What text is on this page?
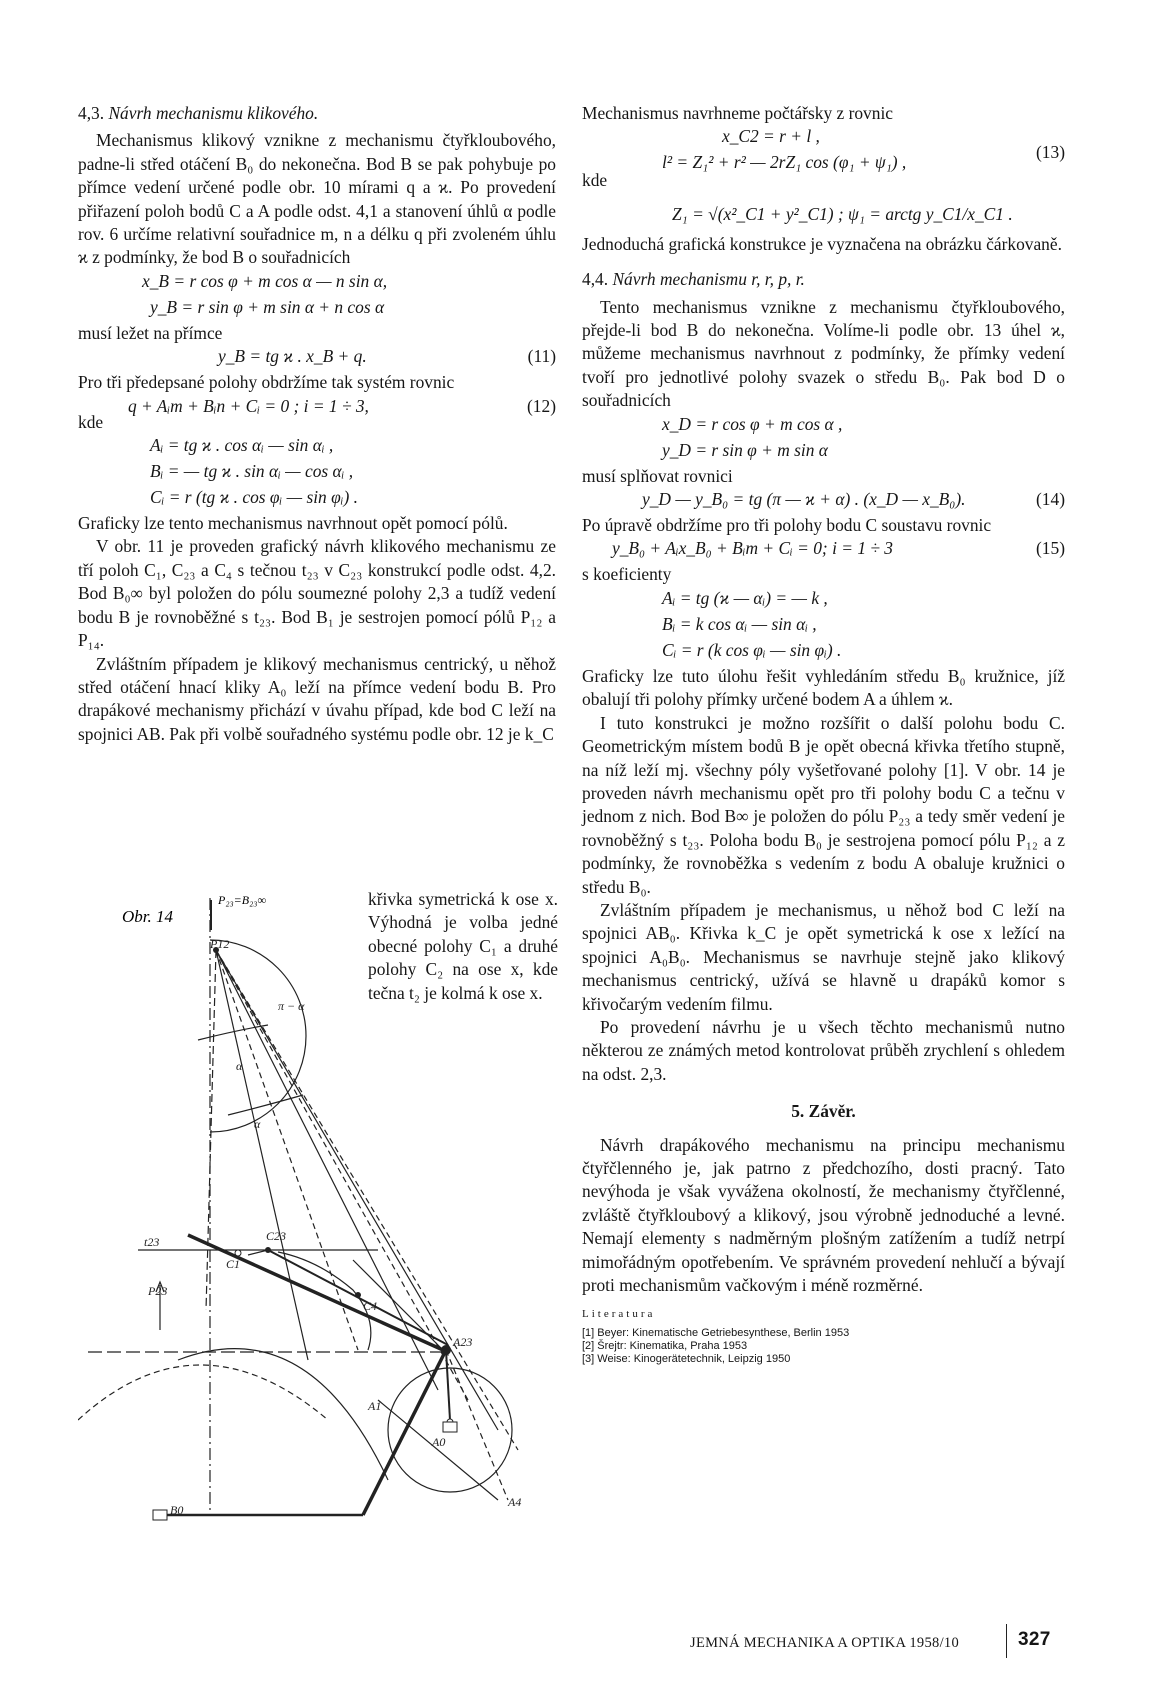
4,3. Návrh mechanismu klikového.
Mechanismus klikový vznikne z mechanismu čtyřkloubového, padne-li střed otáčení B₀ do nekonečna. Bod B se pak pohybuje po přímce vedení určené podle obr. 10 mírami q a ϰ. Po provedení přiřazení poloh bodů C a A podle odst. 4,1 a stanovení úhlů α podle rov. 6 určíme relativní souřadnice m, n a délku q při zvoleném úhlu ϰ z podmínky, že bod B o souřadnicích
x_B = r cos φ + m cos α — n sin α,
y_B = r sin φ + m sin α + n cos α
musí ležet na přímce
y_B = tg ϰ . x_B + q.	(11)
Pro tři předepsané polohy obdržíme tak systém rovnic
q + Aᵢm + Bᵢn + Cᵢ = 0 ; i = 1 ÷ 3,	(12)
kde
Aᵢ = tg ϰ . cos αᵢ — sin αᵢ ,
Bᵢ = — tg ϰ . sin αᵢ — cos αᵢ ,
Cᵢ = r (tg ϰ . cos φᵢ — sin φᵢ) .
Graficky lze tento mechanismus navrhnout opět pomocí pólů.
V obr. 11 je proveden grafický návrh klikového mechanismu ze tří poloh C₁, C₂₃ a C₄ s tečnou t₂₃ v C₂₃ konstrukcí podle odst. 4,2. Bod B₀∞ byl položen do pólu soumezné polohy 2,3 a tudíž vedení bodu B je rovnoběžné s t₂₃. Bod B₁ je sestrojen pomocí pólů P₁₂ a P₁₄.
Zvláštním případem je klikový mechanismus centrický, u něhož střed otáčení hnací kliky A₀ leží na přímce vedení bodu B. Pro drapákové mechanismy přichází v úvahu případ, kde bod C leží na spojnici AB. Pak při volbě souřadného systému podle obr. 12 je k_C
křivka symetrická k ose x. Výhodná je volba jedné obecné polohy C₁ a druhé polohy C₂ na ose x, kde tečna t₂ je kolmá k ose x.
Obr. 14
P₂₃=B₂₃∞
P12
π − α
α
α
t23	C23
C1
C4
P23
A23
A1
A0
B0
A4
Mechanismus navrhneme počtářsky z rovnic
x_C2 = r + l ,
l² = Z₁² + r² — 2rZ₁ cos (φ₁ + ψ₁) ,	(13)
kde
Z₁ = √(x²_C1 + y²_C1) ; ψ₁ = arctg y_C1/x_C1 .
Jednoduchá grafická konstrukce je vyznačena na obrázku čárkovaně.
4,4. Návrh mechanismu r, r, p, r.
Tento mechanismus vznikne z mechanismu čtyřkloubového, přejde-li bod B do nekonečna. Volíme-li podle obr. 13 úhel ϰ, můžeme mechanismus navrhnout z podmínky, že přímky vedení tvoří pro jednotlivé polohy svazek o středu B₀. Pak bod D o souřadnicích
x_D = r cos φ + m cos α ,
y_D = r sin φ + m sin α
musí splňovat rovnici
y_D — y_B₀ = tg (π — ϰ + α) . (x_D — x_B₀).	(14)
Po úpravě obdržíme pro tři polohy bodu C soustavu rovnic
y_B₀ + Aᵢx_B₀ + Bᵢm + Cᵢ = 0; i = 1 ÷ 3	(15)
s koeficienty
Aᵢ = tg (ϰ — αᵢ) = — k ,
Bᵢ = k cos αᵢ — sin αᵢ ,
Cᵢ = r (k cos φᵢ — sin φᵢ) .
Graficky lze tuto úlohu řešit vyhledáním středu B₀ kružnice, jíž obalují tři polohy přímky určené bodem A a úhlem ϰ.
I tuto konstrukci je možno rozšířit o další polohu bodu C. Geometrickým místem bodů B je opět obecná křivka třetího stupně, na níž leží mj. všechny póly vyšetřované polohy [1]. V obr. 14 je proveden návrh mechanismu opět pro tři polohy bodu C a tečnu v jednom z nich. Bod B∞ je položen do pólu P₂₃ a tedy směr vedení je rovnoběžný s t₂₃. Poloha bodu B₀ je sestrojena pomocí pólu P₁₂ a z podmínky, že rovnoběžka s vedením z bodu A obaluje kružnici o středu B₀.
Zvláštním případem je mechanismus, u něhož bod C leží na spojnici AB₀. Křivka k_C je opět symetrická k ose x ležící na spojnici A₀B₀. Mechanismus se navrhuje stejně jako klikový mechanismus centrický, užívá se hlavně u drapáků komor s křivočarým vedením filmu.
Po provedení návrhu je u všech těchto mechanismů nutno některou ze známých metod kontrolovat průběh zrychlení s ohledem na odst. 2,3.
5. Závěr.
Návrh drapákového mechanismu na principu mechanismu čtyřčlenného je, jak patrno z předchozího, dosti pracný. Tato nevýhoda je však vyvážena okolností, že mechanismy čtyřčlenné, zvláště čtyřkloubový a klikový, jsou výrobně jednoduché a levné. Nemají elementy s nadměrným plošným zatížením a tudíž netrpí mimořádným opotřebením. Ve správném provedení nehlučí a bývají proti mechanismům vačkovým i méně rozměrné.
Literatura
[1] Beyer: Kinematische Getriebesynthese, Berlin 1953
[2] Šrejtr: Kinematika, Praha 1953
[3] Weise: Kinogerätetechnik, Leipzig 1950
JEMNÁ MECHANIKA A OPTIKA 1958/10	327
